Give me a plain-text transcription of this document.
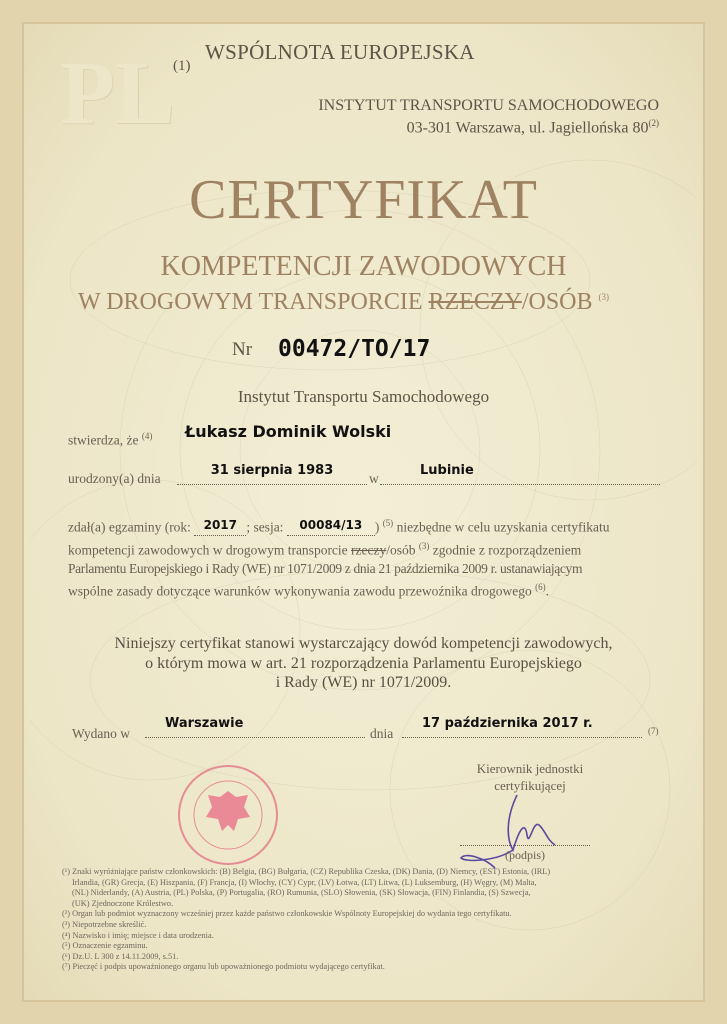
PL
(1)
WSPÓLNOTA EUROPEJSKA
INSTYTUT TRANSPORTU SAMOCHODOWEGO
03-301 Warszawa, ul. Jagiellońska 80$^{(2)}$
CERTYFIKAT
KOMPETENCJI ZAWODOWYCH
W DROGOWYM TRANSPORCIE RZECZY/OSÓB $^{(3)}$
Nr 00472/TO/17
Instytut Transportu Samochodowego
stwierdza, że $^{(4)}$ Łukasz Dominik Wolski
urodzony(a) dnia
31 sierpnia 1983
w
Lubinie
zdał(a) egzaminy (rok: 2017 ; sesja: 00084/13 ) $^{(5)}$ niezbędne w celu uzyskania certyfikatu
kompetencji zawodowych w drogowym transporcie rzeczy/osób $^{(3)}$ zgodnie z rozporządzeniem
Parlamentu Europejskiego i Rady (WE) nr 1071/2009 z dnia 21 października 2009 r. ustanawiającym
wspólne zasady dotyczące warunków wykonywania zawodu przewoźnika drogowego $^{(6)}$.
Niniejszy certyfikat stanowi wystarczający dowód kompetencji zawodowych,
o którym mowa w art. 21 rozporządzenia Parlamentu Europejskiego
i Rady (WE) nr 1071/2009.
Wydano w
Warszawie
dnia
17 października 2017 r.	(7)
Kierownik jednostki
certyfikującej
(podpis)
(¹) Znaki wyróżniające państw członkowskich: (B) Belgia, (BG) Bułgaria, (CZ) Republika Czeska, (DK) Dania, (D) Niemcy, (EST) Estonia, (IRL)
Irlandia, (GR) Grecja, (E) Hiszpania, (F) Francja, (I) Włochy, (CY) Cypr, (LV) Łotwa, (LT) Litwa, (L) Luksemburg, (H) Węgry, (M) Malta,
(NL) Niderlandy, (A) Austria, (PL) Polska, (P) Portugalia, (RO) Rumunia, (SLO) Słowenia, (SK) Słowacja, (FIN) Finlandia, (S) Szwecja,
(UK) Zjednoczone Królestwo.
(²) Organ lub podmiot wyznaczony wcześniej przez każde państwo członkowskie Wspólnoty Europejskiej do wydania tego certyfikatu.
(³) Niepotrzebne skreślić.
(⁴) Nazwisko i imię; miejsce i data urodzenia.
(⁵) Oznaczenie egzaminu.
(⁶) Dz.U. L 300 z 14.11.2009, s.51.
(⁷) Pieczęć i podpis upoważnionego organu lub upoważnionego podmiotu wydającego certyfikat.
